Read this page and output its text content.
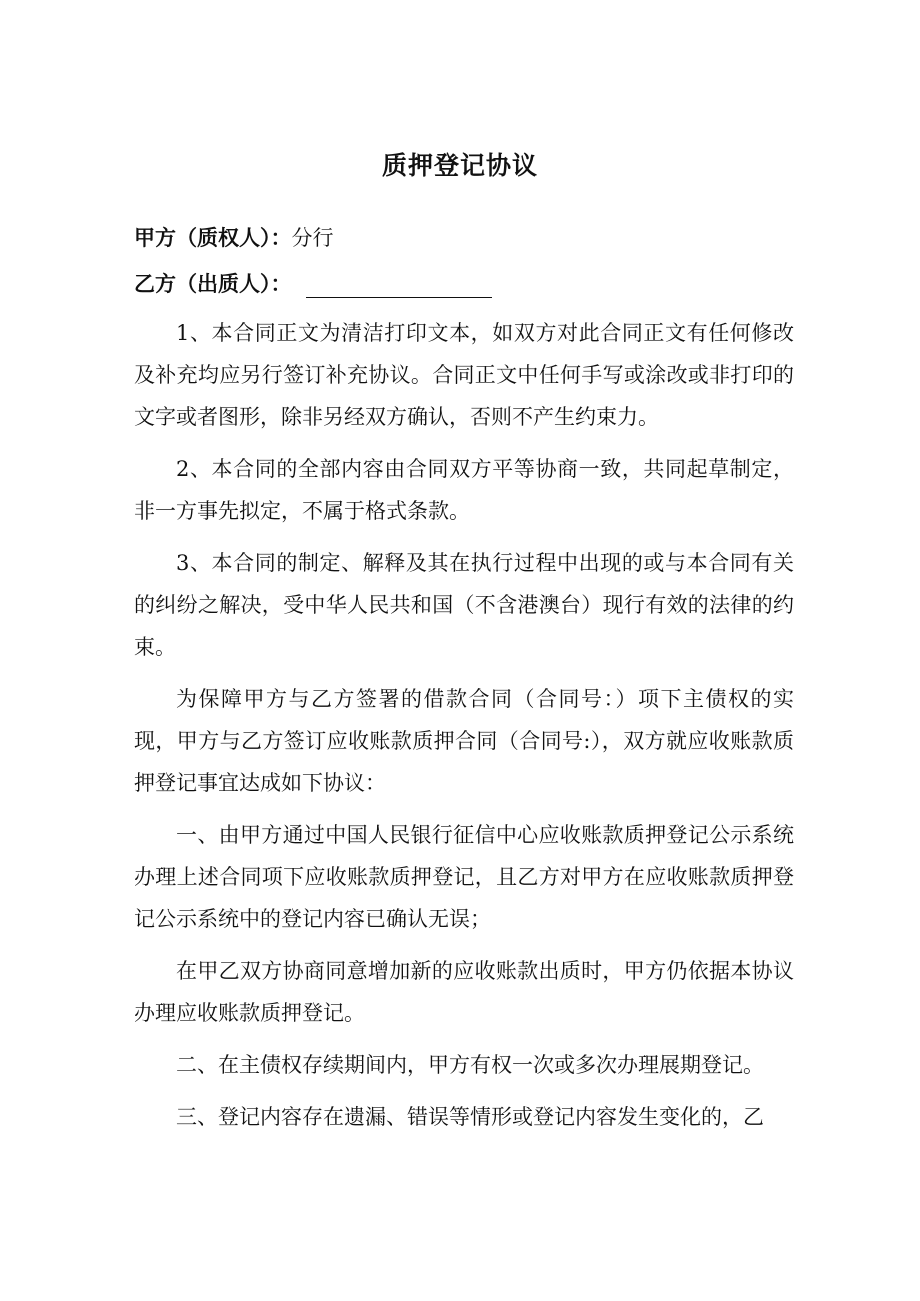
质押登记协议
甲方（质权人）：分行
乙方（出质人）：

1、本合同正文为清洁打印文本，如双方对此合同正文有任何修改及补充均应另行签订补充协议。合同正文中任何手写或涂改或非打印的文字或者图形，除非另经双方确认，否则不产生约束力。

2、本合同的全部内容由合同双方平等协商一致，共同起草制定，非一方事先拟定，不属于格式条款。

3、本合同的制定、解释及其在执行过程中出现的或与本合同有关的纠纷之解决，受中华人民共和国（不含港澳台）现行有效的法律的约束。

为保障甲方与乙方签署的借款合同（合同号：）项下主债权的实现，甲方与乙方签订应收账款质押合同（合同号:），双方就应收账款质押登记事宜达成如下协议：

一、由甲方通过中国人民银行征信中心应收账款质押登记公示系统办理上述合同项下应收账款质押登记，且乙方对甲方在应收账款质押登记公示系统中的登记内容已确认无误；

在甲乙双方协商同意增加新的应收账款出质时，甲方仍依据本协议办理应收账款质押登记。

二、在主债权存续期间内，甲方有权一次或多次办理展期登记。

三、登记内容存在遗漏、错误等情形或登记内容发生变化的，乙
